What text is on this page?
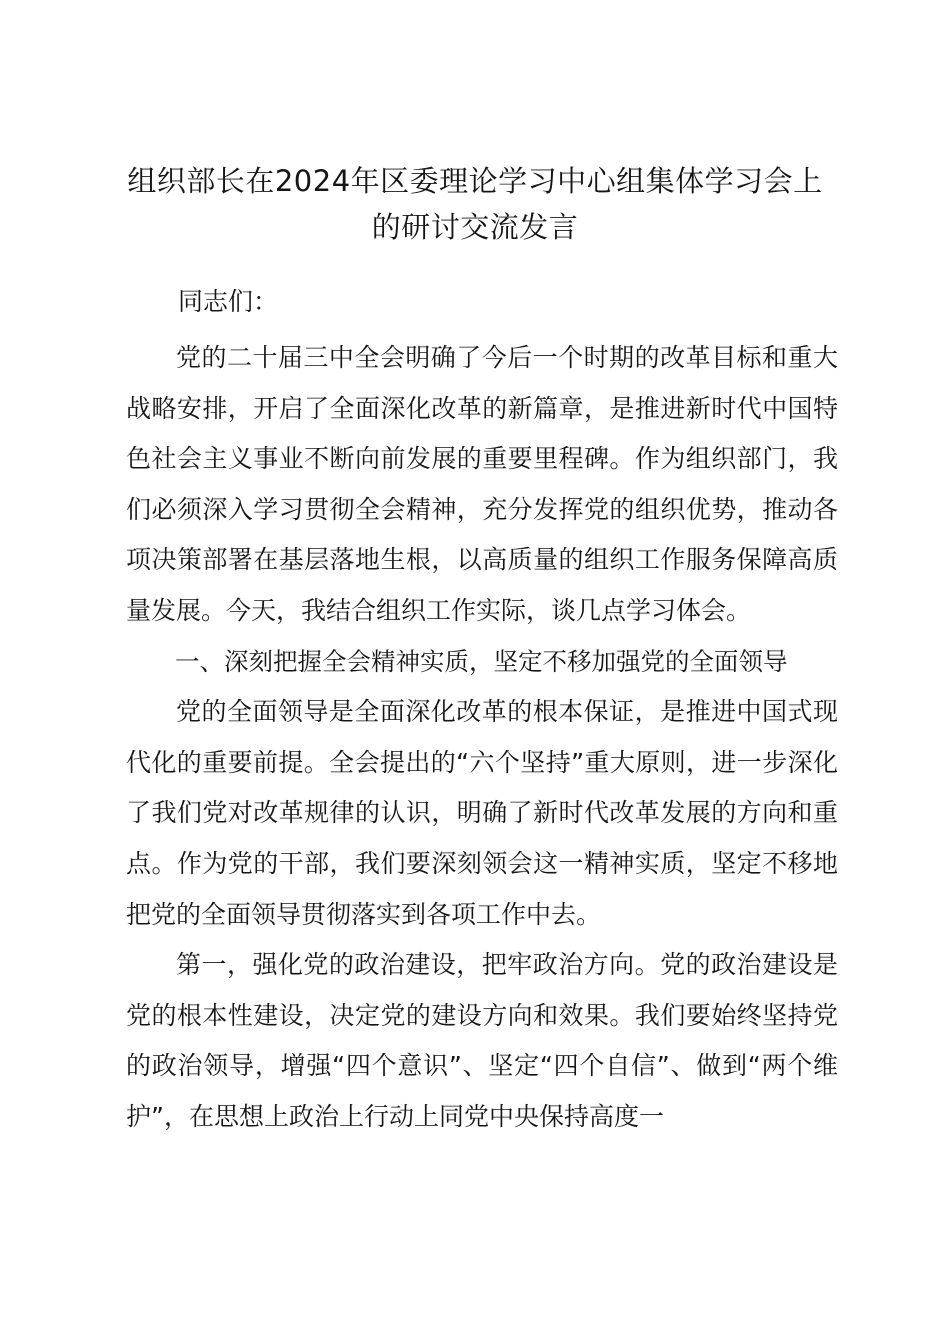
组织部长在2024年区委理论学习中心组集体学习会上
的研讨交流发言
同志们：

党的二十届三中全会明确了今后一个时期的改革目标和重大战略安排，开启了全面深化改革的新篇章，是推进新时代中国特色社会主义事业不断向前发展的重要里程碑。作为组织部门，我们必须深入学习贯彻全会精神，充分发挥党的组织优势，推动各项决策部署在基层落地生根，以高质量的组织工作服务保障高质量发展。今天，我结合组织工作实际，谈几点学习体会。

一、深刻把握全会精神实质，坚定不移加强党的全面领导

党的全面领导是全面深化改革的根本保证，是推进中国式现代化的重要前提。全会提出的“六个坚持”重大原则，进一步深化了我们党对改革规律的认识，明确了新时代改革发展的方向和重点。作为党的干部，我们要深刻领会这一精神实质，坚定不移地把党的全面领导贯彻落实到各项工作中去。

第一，强化党的政治建设，把牢政治方向。党的政治建设是党的根本性建设，决定党的建设方向和效果。我们要始终坚持党的政治领导，增强“四个意识”、坚定“四个自信”、做到“两个维护”，在思想上政治上行动上同党中央保持高度一
